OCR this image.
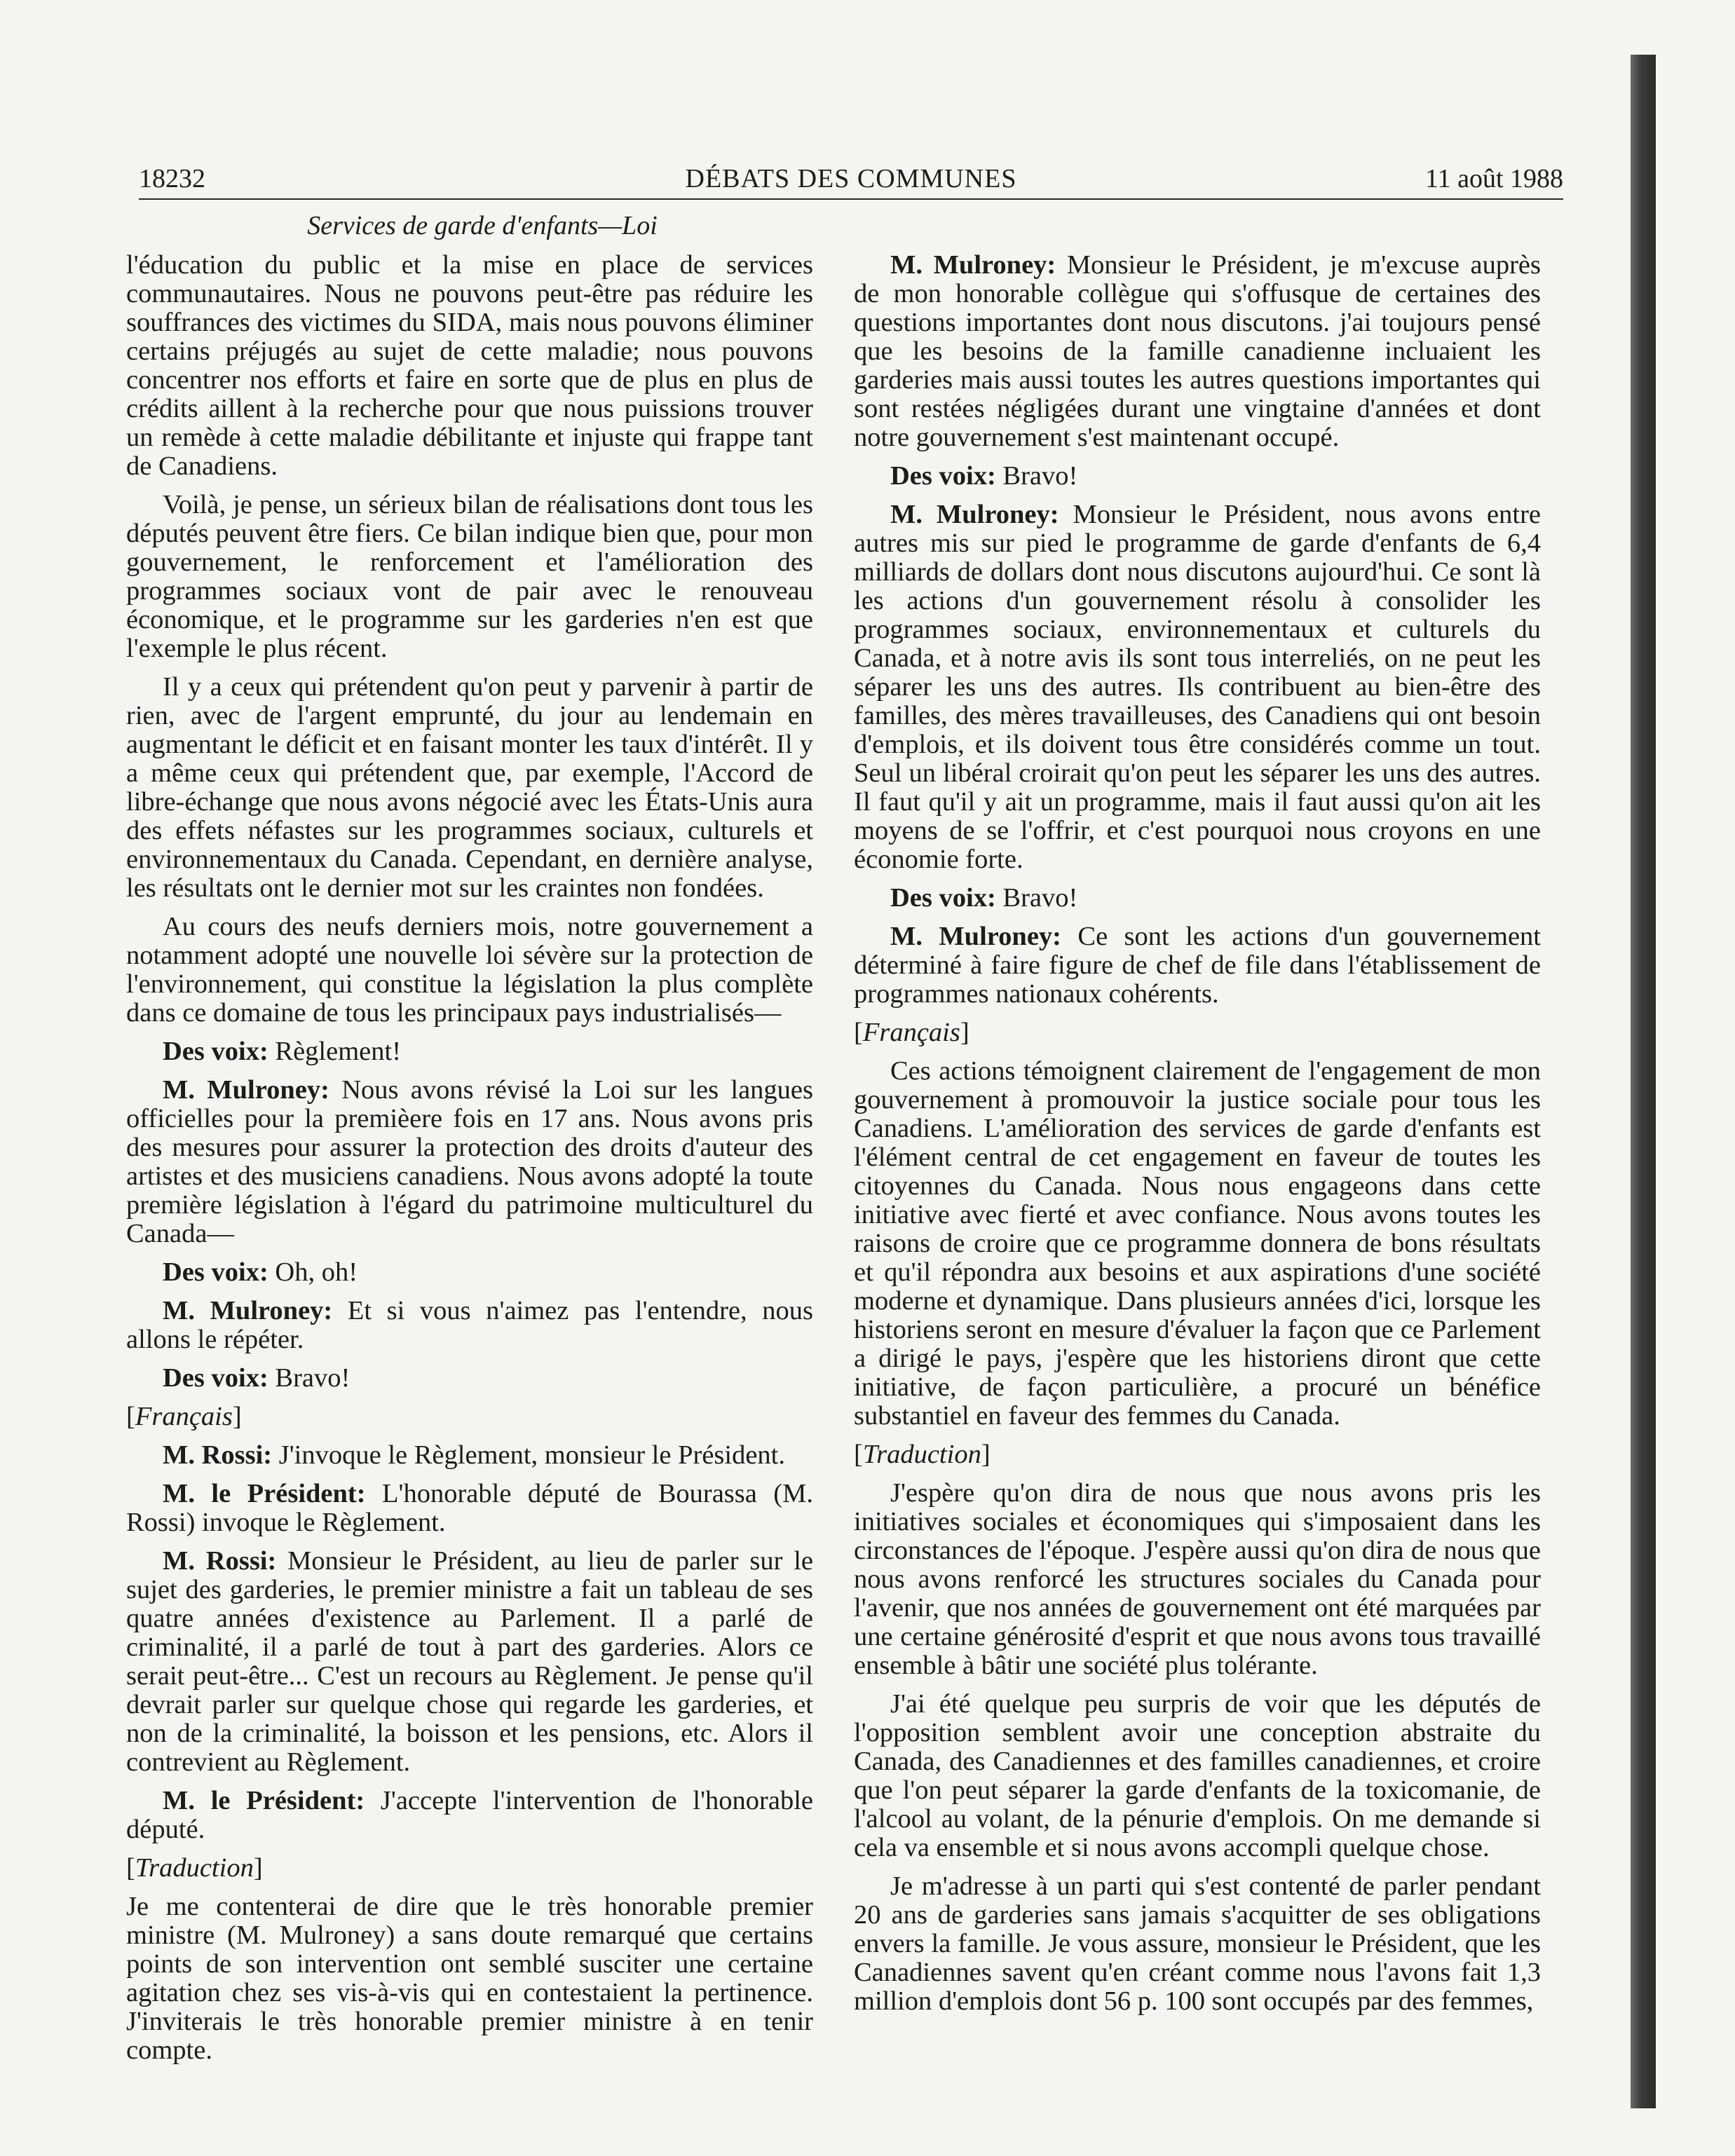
18232	DÉBATS DES COMMUNES	11 août 1988
Services de garde d'enfants—Loi

l'éducation du public et la mise en place de services communautaires. Nous ne pouvons peut-être pas réduire les souffrances des victimes du SIDA, mais nous pouvons éliminer certains préjugés au sujet de cette maladie; nous pouvons concentrer nos efforts et faire en sorte que de plus en plus de crédits aillent à la recherche pour que nous puissions trouver un remède à cette maladie débilitante et injuste qui frappe tant de Canadiens.

Voilà, je pense, un sérieux bilan de réalisations dont tous les députés peuvent être fiers. Ce bilan indique bien que, pour mon gouvernement, le renforcement et l'amélioration des programmes sociaux vont de pair avec le renouveau économique, et le programme sur les garderies n'en est que l'exemple le plus récent.

Il y a ceux qui prétendent qu'on peut y parvenir à partir de rien, avec de l'argent emprunté, du jour au lendemain en augmentant le déficit et en faisant monter les taux d'intérêt. Il y a même ceux qui prétendent que, par exemple, l'Accord de libre-échange que nous avons négocié avec les États-Unis aura des effets néfastes sur les programmes sociaux, culturels et environnementaux du Canada. Cependant, en dernière analyse, les résultats ont le dernier mot sur les craintes non fondées.

Au cours des neufs derniers mois, notre gouvernement a notamment adopté une nouvelle loi sévère sur la protection de l'environnement, qui constitue la législation la plus complète dans ce domaine de tous les principaux pays industrialisés—

Des voix: Règlement!

M. Mulroney: Nous avons révisé la Loi sur les langues officielles pour la premièere fois en 17 ans. Nous avons pris des mesures pour assurer la protection des droits d'auteur des artistes et des musiciens canadiens. Nous avons adopté la toute première législation à l'égard du patrimoine multiculturel du Canada—

Des voix: Oh, oh!

M. Mulroney: Et si vous n'aimez pas l'entendre, nous allons le répéter.

Des voix: Bravo!

[Français]

M. Rossi: J'invoque le Règlement, monsieur le Président.

M. le Président: L'honorable député de Bourassa (M. Rossi) invoque le Règlement.

M. Rossi: Monsieur le Président, au lieu de parler sur le sujet des garderies, le premier ministre a fait un tableau de ses quatre années d'existence au Parlement. Il a parlé de criminalité, il a parlé de tout à part des garderies. Alors ce serait peut-être... C'est un recours au Règlement. Je pense qu'il devrait parler sur quelque chose qui regarde les garderies, et non de la criminalité, la boisson et les pensions, etc. Alors il contrevient au Règlement.

M. le Président: J'accepte l'intervention de l'honorable député.

[Traduction]

Je me contenterai de dire que le très honorable premier ministre (M. Mulroney) a sans doute remarqué que certains points de son intervention ont semblé susciter une certaine agitation chez ses vis-à-vis qui en contestaient la pertinence. J'inviterais le très honorable premier ministre à en tenir compte.

M. Mulroney: Monsieur le Président, je m'excuse auprès de mon honorable collègue qui s'offusque de certaines des questions importantes dont nous discutons. j'ai toujours pensé que les besoins de la famille canadienne incluaient les garderies mais aussi toutes les autres questions importantes qui sont restées négligées durant une vingtaine d'années et dont notre gouvernement s'est maintenant occupé.

Des voix: Bravo!

M. Mulroney: Monsieur le Président, nous avons entre autres mis sur pied le programme de garde d'enfants de 6,4 milliards de dollars dont nous discutons aujourd'hui. Ce sont là les actions d'un gouvernement résolu à consolider les programmes sociaux, environnementaux et culturels du Canada, et à notre avis ils sont tous interreliés, on ne peut les séparer les uns des autres. Ils contribuent au bien-être des familles, des mères travailleuses, des Canadiens qui ont besoin d'emplois, et ils doivent tous être considérés comme un tout. Seul un libéral croirait qu'on peut les séparer les uns des autres. Il faut qu'il y ait un programme, mais il faut aussi qu'on ait les moyens de se l'offrir, et c'est pourquoi nous croyons en une économie forte.

Des voix: Bravo!

M. Mulroney: Ce sont les actions d'un gouvernement déterminé à faire figure de chef de file dans l'établissement de programmes nationaux cohérents.

[Français]

Ces actions témoignent clairement de l'engagement de mon gouvernement à promouvoir la justice sociale pour tous les Canadiens. L'amélioration des services de garde d'enfants est l'élément central de cet engagement en faveur de toutes les citoyennes du Canada. Nous nous engageons dans cette initiative avec fierté et avec confiance. Nous avons toutes les raisons de croire que ce programme donnera de bons résultats et qu'il répondra aux besoins et aux aspirations d'une société moderne et dynamique. Dans plusieurs années d'ici, lorsque les historiens seront en mesure d'évaluer la façon que ce Parlement a dirigé le pays, j'espère que les historiens diront que cette initiative, de façon particulière, a procuré un bénéfice substantiel en faveur des femmes du Canada.

[Traduction]

J'espère qu'on dira de nous que nous avons pris les initiatives sociales et économiques qui s'imposaient dans les circonstances de l'époque. J'espère aussi qu'on dira de nous que nous avons renforcé les structures sociales du Canada pour l'avenir, que nos années de gouvernement ont été marquées par une certaine générosité d'esprit et que nous avons tous travaillé ensemble à bâtir une société plus tolérante.

J'ai été quelque peu surpris de voir que les députés de l'opposition semblent avoir une conception abstraite du Canada, des Canadiennes et des familles canadiennes, et croire que l'on peut séparer la garde d'enfants de la toxicomanie, de l'alcool au volant, de la pénurie d'emplois. On me demande si cela va ensemble et si nous avons accompli quelque chose.

Je m'adresse à un parti qui s'est contenté de parler pendant 20 ans de garderies sans jamais s'acquitter de ses obligations envers la famille. Je vous assure, monsieur le Président, que les Canadiennes savent qu'en créant comme nous l'avons fait 1,3 million d'emplois dont 56 p. 100 sont occupés par des femmes,
